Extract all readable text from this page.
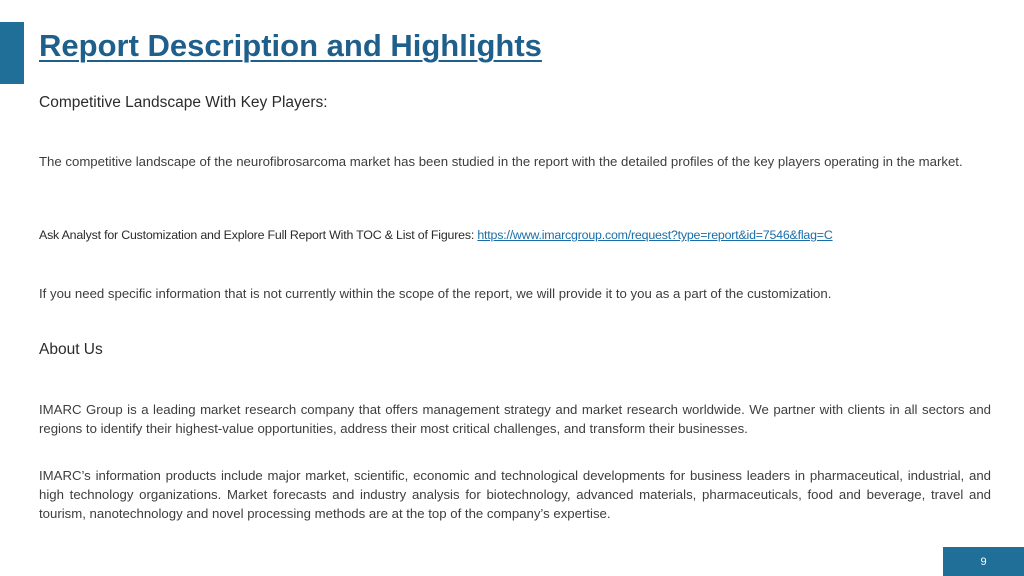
Report Description and Highlights
Competitive Landscape With Key Players:

The competitive landscape of the neurofibrosarcoma market has been studied in the report with the detailed profiles of the key players operating in the market.

Ask Analyst for Customization and Explore Full Report With TOC & List of Figures: https://www.imarcgroup.com/request?type=report&id=7546&flag=C

If you need specific information that is not currently within the scope of the report, we will provide it to you as a part of the customization.

About Us

IMARC Group is a leading market research company that offers management strategy and market research worldwide. We partner with clients in all sectors and regions to identify their highest-value opportunities, address their most critical challenges, and transform their businesses.

IMARC’s information products include major market, scientific, economic and technological developments for business leaders in pharmaceutical, industrial, and high technology organizations. Market forecasts and industry analysis for biotechnology, advanced materials, pharmaceuticals, food and beverage, travel and tourism, nanotechnology and novel processing methods are at the top of the company’s expertise.

9
